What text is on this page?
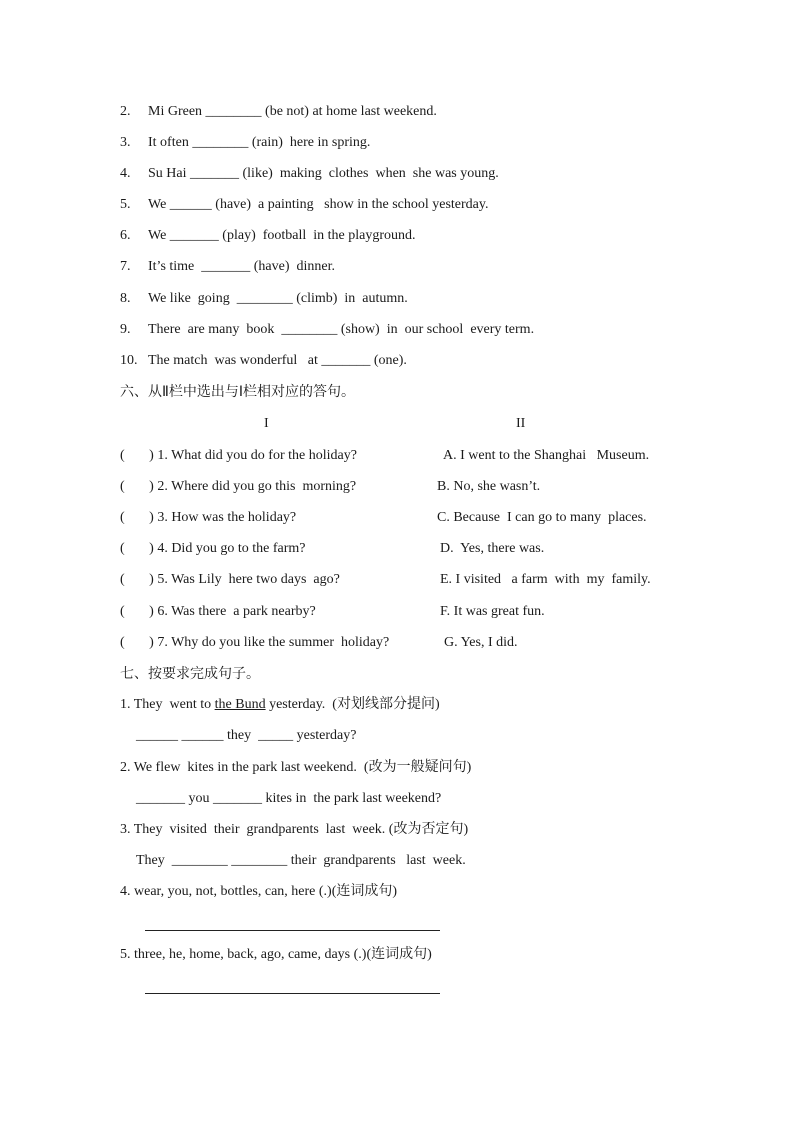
2. Mi Green ________ (be not) at home last weekend.
3. It often ________ (rain)  here in spring.
4. Su Hai _______ (like)  making  clothes  when  she was young.
5. We ______ (have)  a painting   show in the school yesterday.
6. We _______ (play)  football  in the playground.
7. It’s time  _______ (have)  dinner.
8. We like  going  ________ (climb)  in  autumn.
9. There  are many  book  ________ (show)  in  our school  every term.
10. The match  was wonderful   at _______ (one).
六、从Ⅱ栏中选出与Ⅰ栏相对应的答句。
I	II
(       ) 1. What did you do for the holiday?
(       ) 2. Where did you go this  morning?
(       ) 3. How was the holiday?
(       ) 4. Did you go to the farm?
(       ) 5. Was Lily  here two days  ago?
(       ) 6. Was there  a park nearby?
(       ) 7. Why do you like the summer  holiday?
A. I went to the Shanghai   Museum.
B. No, she wasn’t.
C. Because  I can go to many  places.
D.  Yes, there was.
E. I visited   a farm  with  my  family.
F. It was great fun.
G. Yes, I did.
七、按要求完成句子。
1. They  went to the Bund yesterday.  (对划线部分提问)
______ ______ they  _____ yesterday?
2. We flew  kites in the park last weekend.  (改为一般疑问句)
_______ you _______ kites in  the park last weekend?
3. They  visited  their  grandparents  last  week. (改为否定句)
They  ________ ________ their  grandparents   last  week.
4. wear, you, not, bottles, can, here (.)(连词成句)
5. three, he, home, back, ago, came, days (.)(连词成句)
